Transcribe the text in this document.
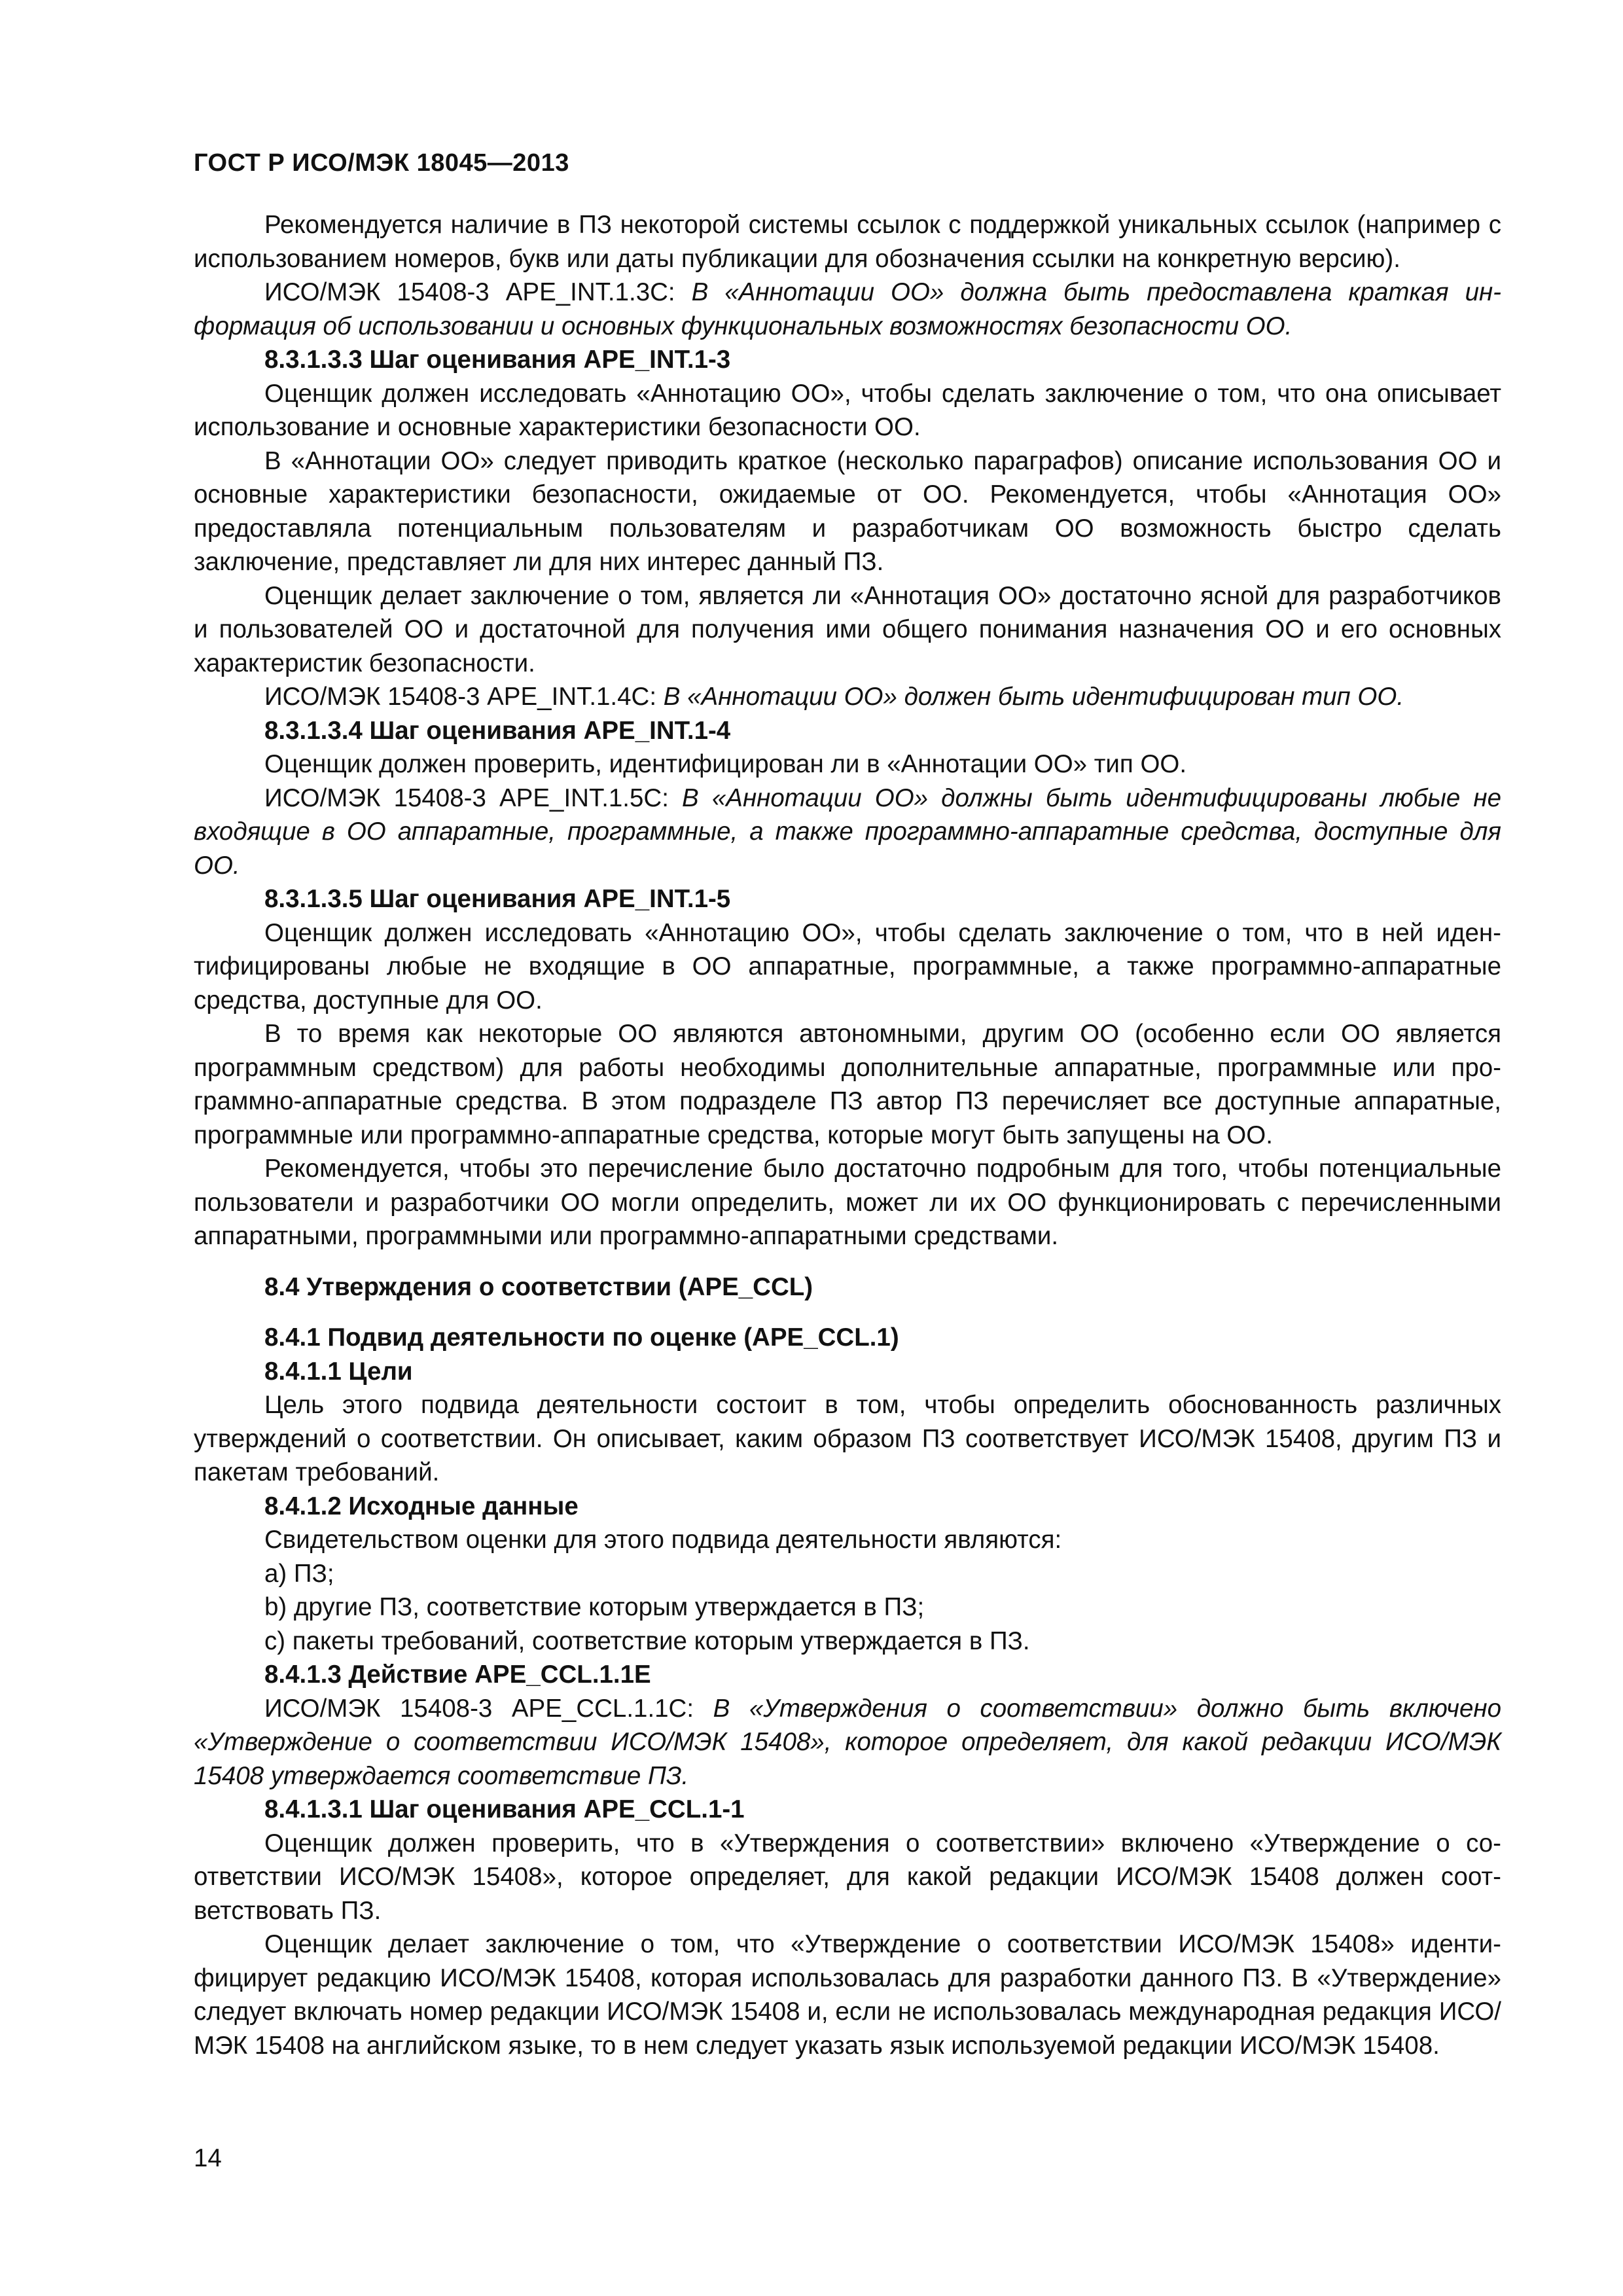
ГОСТ Р ИСО/МЭК 18045—2013

Рекомендуется наличие в ПЗ некоторой системы ссылок с поддержкой уникальных ссылок (например с использованием номеров, букв или даты публикации для обозначения ссылки на конкретную версию).

ИСО/МЭК 15408-3 APE_INT.1.3C: В «Аннотации ОО» должна быть предоставлена краткая информация об использовании и основных функциональных возможностях безопасности ОО.

8.3.1.3.3 Шаг оценивания APE_INT.1-3

Оценщик должен исследовать «Аннотацию ОО», чтобы сделать заключение о том, что она описывает использование и основные характеристики безопасности ОО.

В «Аннотации ОО» следует приводить краткое (несколько параграфов) описание использования ОО и основные характеристики безопасности, ожидаемые от ОО. Рекомендуется, чтобы «Аннотация ОО» предоставляла потенциальным пользователям и разработчикам ОО возможность быстро сделать заключение, представляет ли для них интерес данный ПЗ.

Оценщик делает заключение о том, является ли «Аннотация ОО» достаточно ясной для разработчиков и пользователей ОО и достаточной для получения ими общего понимания назначения ОО и его основных характеристик безопасности.

ИСО/МЭК 15408-3 APE_INT.1.4C: В «Аннотации ОО» должен быть идентифицирован тип ОО.

8.3.1.3.4 Шаг оценивания APE_INT.1-4

Оценщик должен проверить, идентифицирован ли в «Аннотации ОО» тип ОО.

ИСО/МЭК 15408-3 APE_INT.1.5C: В «Аннотации ОО» должны быть идентифицированы любые не входящие в ОО аппаратные, программные, а также программно-аппаратные средства, доступные для ОО.

8.3.1.3.5 Шаг оценивания APE_INT.1-5

Оценщик должен исследовать «Аннотацию ОО», чтобы сделать заключение о том, что в ней идентифицированы любые не входящие в ОО аппаратные, программные, а также программно-аппаратные средства, доступные для ОО.

В то время как некоторые ОО являются автономными, другим ОО (особенно если ОО является программным средством) для работы необходимы дополнительные аппаратные, программные или программно-аппаратные средства. В этом подразделе ПЗ автор ПЗ перечисляет все доступные аппаратные, программные или программно-аппаратные средства, которые могут быть запущены на ОО.

Рекомендуется, чтобы это перечисление было достаточно подробным для того, чтобы потенциальные пользователи и разработчики ОО могли определить, может ли их ОО функционировать с перечисленными аппаратными, программными или программно-аппаратными средствами.

8.4 Утверждения о соответствии (APE_CCL)

8.4.1 Подвид деятельности по оценке (APE_CCL.1)

8.4.1.1 Цели

Цель этого подвида деятельности состоит в том, чтобы определить обоснованность различных утверждений о соответствии. Он описывает, каким образом ПЗ соответствует ИСО/МЭК 15408, другим ПЗ и пакетам требований.

8.4.1.2 Исходные данные

Свидетельством оценки для этого подвида деятельности являются:

a) ПЗ;

b) другие ПЗ, соответствие которым утверждается в ПЗ;

c) пакеты требований, соответствие которым утверждается в ПЗ.

8.4.1.3 Действие APE_CCL.1.1E

ИСО/МЭК 15408-3 APE_CCL.1.1C: В «Утверждения о соответствии» должно быть включено «Утверждение о соответствии ИСО/МЭК 15408», которое определяет, для какой редакции ИСО/МЭК 15408 утверждается соответствие ПЗ.

8.4.1.3.1 Шаг оценивания APE_CCL.1-1

Оценщик должен проверить, что в «Утверждения о соответствии» включено «Утверждение о соответствии ИСО/МЭК 15408», которое определяет, для какой редакции ИСО/МЭК 15408 должен соответствовать ПЗ.

Оценщик делает заключение о том, что «Утверждение о соответствии ИСО/МЭК 15408» идентифицирует редакцию ИСО/МЭК 15408, которая использовалась для разработки данного ПЗ. В «Утверждение» следует включать номер редакции ИСО/МЭК 15408 и, если не использовалась международная редакция ИСО/МЭК 15408 на английском языке, то в нем следует указать язык используемой редакции ИСО/МЭК 15408.

14
